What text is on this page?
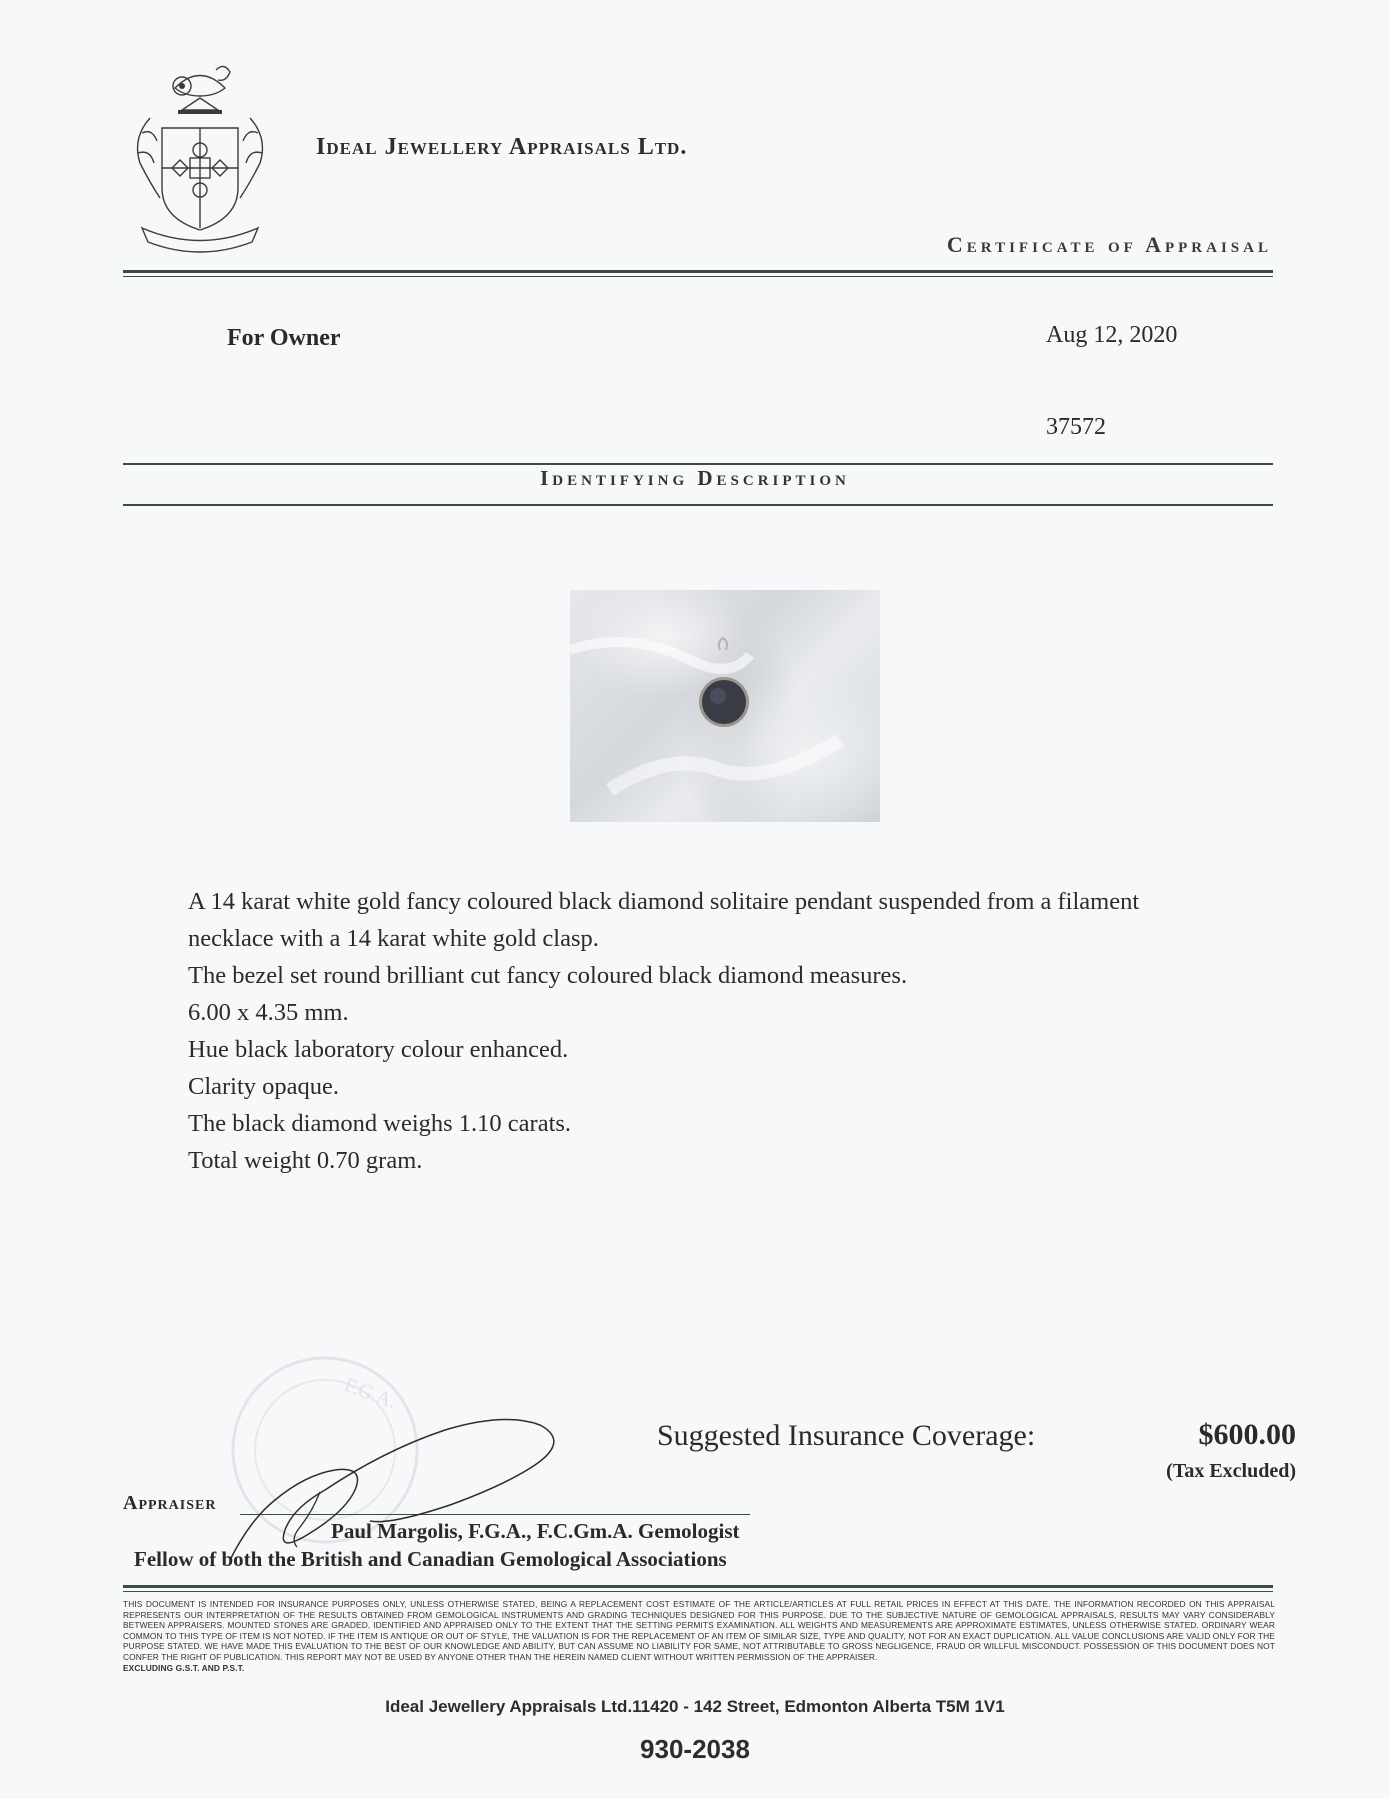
Ideal Jewellery Appraisals Ltd.
Certificate of Appraisal
For Owner	Aug 12, 2020
37572
Identifying Description
A 14 karat white gold fancy coloured black diamond solitaire pendant suspended from a filament
necklace with a 14 karat white gold clasp.
The bezel set round brilliant cut fancy coloured black diamond measures.
6.00 x 4.35 mm.
Hue black laboratory colour enhanced.
Clarity opaque.
The black diamond weighs 1.10 carats.
Total weight 0.70 gram.
F.G.A.
Suggested Insurance Coverage:	$600.00
(Tax Excluded)
Appraiser
Paul Margolis, F.G.A., F.C.Gm.A. Gemologist
Fellow of both the British and Canadian Gemological Associations
THIS DOCUMENT IS INTENDED FOR INSURANCE PURPOSES ONLY, UNLESS OTHERWISE STATED, BEING A REPLACEMENT COST ESTIMATE OF THE ARTICLE/ARTICLES AT FULL RETAIL PRICES IN EFFECT AT THIS DATE. THE INFORMATION RECORDED ON THIS APPRAISAL REPRESENTS OUR INTERPRETATION OF THE RESULTS OBTAINED FROM GEMOLOGICAL INSTRUMENTS AND GRADING TECHNIQUES DESIGNED FOR THIS PURPOSE. DUE TO THE SUBJECTIVE NATURE OF GEMOLOGICAL APPRAISALS, RESULTS MAY VARY CONSIDERABLY BETWEEN APPRAISERS. MOUNTED STONES ARE GRADED, IDENTIFIED AND APPRAISED ONLY TO THE EXTENT THAT THE SETTING PERMITS EXAMINATION. ALL WEIGHTS AND MEASUREMENTS ARE APPROXIMATE ESTIMATES, UNLESS OTHERWISE STATED. ORDINARY WEAR COMMON TO THIS TYPE OF ITEM IS NOT NOTED. IF THE ITEM IS ANTIQUE OR OUT OF STYLE, THE VALUATION IS FOR THE REPLACEMENT OF AN ITEM OF SIMILAR SIZE, TYPE AND QUALITY, NOT FOR AN EXACT DUPLICATION. ALL VALUE CONCLUSIONS ARE VALID ONLY FOR THE PURPOSE STATED. WE HAVE MADE THIS EVALUATION TO THE BEST OF OUR KNOWLEDGE AND ABILITY, BUT CAN ASSUME NO LIABILITY FOR SAME, NOT ATTRIBUTABLE TO GROSS NEGLIGENCE, FRAUD OR WILLFUL MISCONDUCT. POSSESSION OF THIS DOCUMENT DOES NOT CONFER THE RIGHT OF PUBLICATION. THIS REPORT MAY NOT BE USED BY ANYONE OTHER THAN THE HEREIN NAMED CLIENT WITHOUT WRITTEN PERMISSION OF THE APPRAISER.
EXCLUDING G.S.T. AND P.S.T.
Ideal Jewellery Appraisals Ltd.11420 - 142 Street, Edmonton Alberta T5M 1V1
930-2038
